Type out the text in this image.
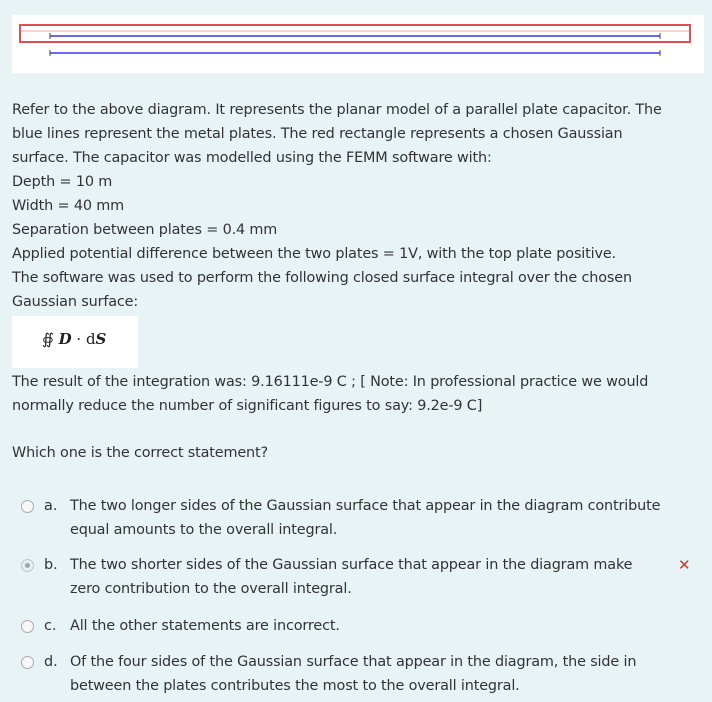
Refer to the above diagram. It represents the planar model of a parallel plate capacitor. The
blue lines represent the metal plates. The red rectangle represents a chosen Gaussian
surface. The capacitor was modelled using the FEMM software with:
Depth = 10 m
Width = 40 mm
Separation between plates = 0.4 mm
Applied potential difference between the two plates = 1V, with the top plate positive.
The software was used to perform the following closed surface integral over the chosen
Gaussian surface:
∯ D · dS
The result of the integration was: 9.16111e-9 C ; [ Note: In professional practice we would
normally reduce the number of significant figures to say: 9.2e-9 C]
Which one is the correct statement?
a. The two longer sides of the Gaussian surface that appear in the diagram contribute
equal amounts to the overall integral.
b. The two shorter sides of the Gaussian surface that appear in the diagram make
zero contribution to the overall integral.
✕
c. All the other statements are incorrect.
d. Of the four sides of the Gaussian surface that appear in the diagram, the side in
between the plates contributes the most to the overall integral.
